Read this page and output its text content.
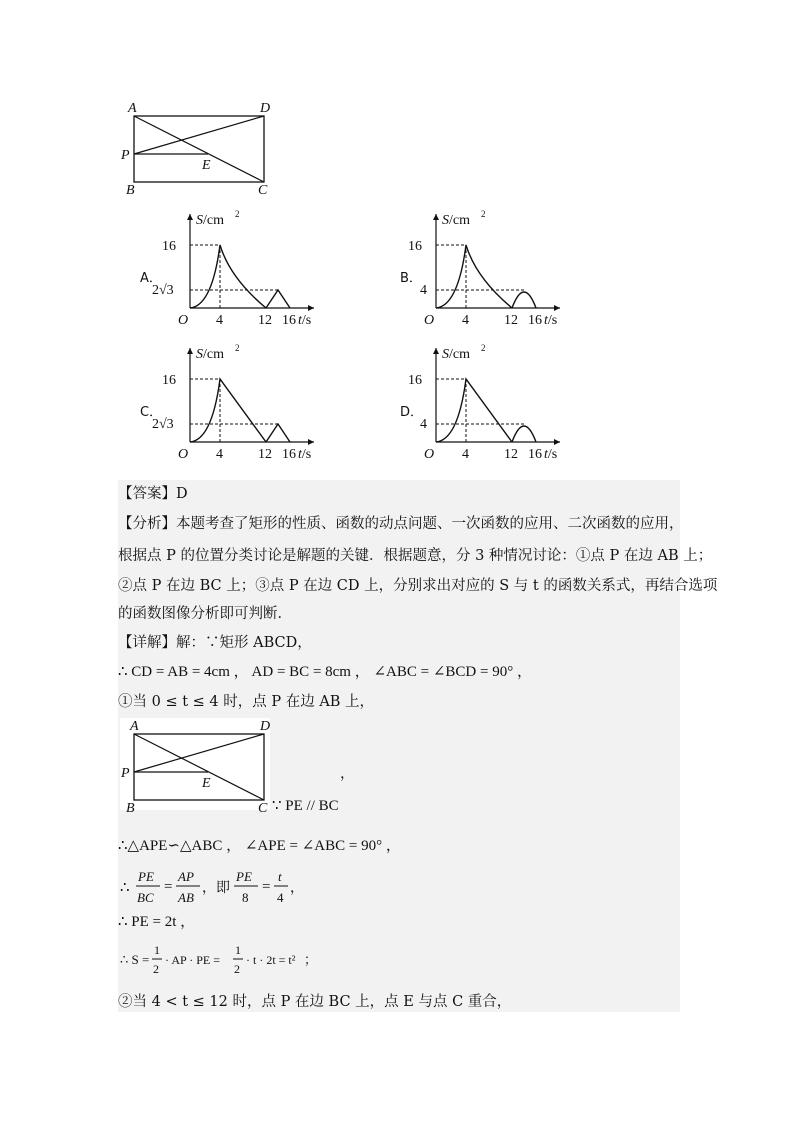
A	D
P
E
B	C
A．
S/cm 2
16
2√3
O 4	12 16 t/s
B．
S/cm 2
16
4
O 4	12 16 t/s
C．
S/cm 2
16
2√3
O 4	12 16 t/s
D．
S/cm 2
16
4
O 4	12 16 t/s
【答案】D
【分析】本题考查了矩形的性质、函数的动点问题、一次函数的应用、二次函数的应用，
根据点 P 的位置分类讨论是解题的关键．根据题意，分 3 种情况讨论：①点 P 在边 AB 上；
②点 P 在边 BC 上；③点 P 在边 CD 上，分别求出对应的 S 与 t 的函数关系式，再结合选项
的函数图像分析即可判断．
【详解】解：∵矩形 ABCD，
∴ CD = AB = 4cm ， AD = BC = 8cm ， ∠ABC = ∠BCD = 90° ，
①当 0 ≤ t ≤ 4 时，点 P 在边 AB 上，
A	D
P
E
B	C
，
∵ PE // BC
∴△APE∽△ABC ， ∠APE = ∠ABC = 90° ，
∴
PE
BC
=
AP
AB
，即
PE
8
=
t
4
，
∴ PE = 2t ，
∴ S =
1
2
· AP · PE =
1
2
· t · 2t = t² ；
②当 4 < t ≤ 12 时，点 P 在边 BC 上，点 E 与点 C 重合，
